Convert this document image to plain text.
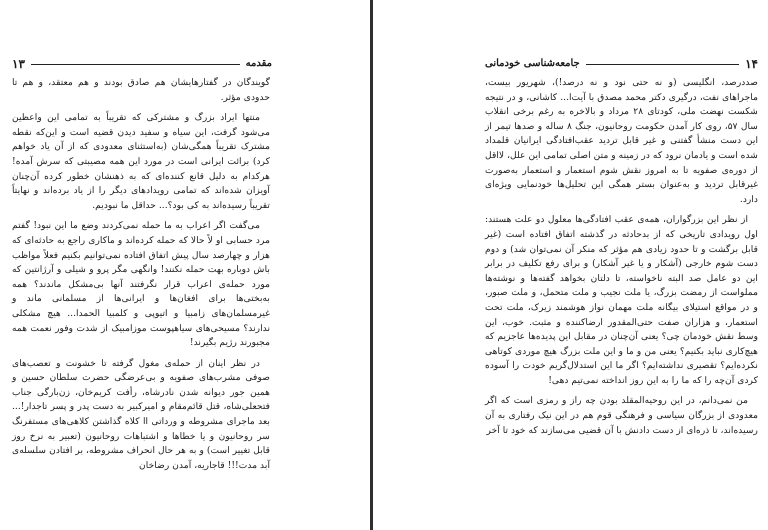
مقدمه
۱۳

گویندگان در گفتارهایشان هم صادق بودند و هم معتقد، و هم تا حدودی مؤثر.

منتها ایراد بزرگ و مشترکی که تقریباً به تمامی این واعظین می‌شود گرفت، این سیاه و سفید دیدن قضیه است و این‌که نقطه مشترک تقریباً همگی‌شان (به‌استثنای معدودی که از آن یاد خواهم کرد) برائت ایرانی است در مورد این همه مصیبتی که سرش آمده! هرکدام به دلیل قانع کننده‌ای که به ذهنشان خطور کرده آن‌چنان آویزان شده‌اند که تمامی رویدادهای دیگر را از یاد برده‌اند و نهایتاً تقریباً رسیده‌اند به کی بود؟... حداقل ما نبودیم.

می‌گفت اگر اعراب به ما حمله نمی‌کردند وضع ما این نبود! گفتم مرد حسابی او لاً حالا که حمله کرده‌اند و ماکاری راجع به حادثه‌ای که هزار و چهارصد سال پیش اتفاق افتاده نمی‌توانیم بکنیم فعلاً مواظب باش دوباره بهت حمله نکنند! وانگهی مگر پرو و شیلی و آرژانتین که مورد حمله‌ی اعراب قرار نگرفتند آنها بی‌مشکل ماندند؟ همه به‌بختی‌ها برای افغان‌ها و ایرانی‌ها از مسلمانی ماند و غیرمسلمان‌های زامبیا و اتیوپی و کلمبیا الحمدا... هیچ مشکلی ندارند؟ مسیحی‌های سیاهپوست موزامبیک از شدت وفور نعمت همه مجبورند رژیم بگیرند!

در نظر اینان از حمله‌ی مغول گرفته تا خشونت و تعصب‌های صوفی مشرب‌های صفویه و بی‌عرضگی حضرت سلطان حسین و همین جور دیوانه شدن نادرشاه، رأفت کریم‌خان، زن‌بارگی جناب فتحعلی‌شاه، قتل قائم‌مقام و امیرکبیر به دست پدر و پسر تاجدار!... بعد ماجرای مشروطه و ورداتی اا کلاه گذاشتن کلاهی‌های مستفرنگ سر روحانیون و یا خطاها و اشتباهات روحانیون (تعبیر به نرخ روز قابل تغییر است) و به هر حال انحراف مشروطه، بر افتادن سلسله‌ی آبد مدت!!! قاجاریه، آمدن رضاخان

۱۴
جامعه‌شناسی خودمانی

صددرصد، انگلیسی (و نه حتی نود و نه درصد!)، شهریور بیست، ماجراهای نفت، درگیری دکتر محمد مصدق با آیت‌ا... کاشانی، و در نتیجه شکست نهضت ملی، کودتای ۲۸ مرداد و بالاخره به رغم برخی انقلاب سال ۵۷، روی کار آمدن حکومت روحانیون، جنگ ۸ ساله و صدها تیمر از این دست منشأ گفتنی و غیر قابل تردید عقب‌افتادگی ایرانیان قلمداد شده است و یادمان نرود که در زمینه و متن اصلی تمامی این علل، لااقل از دوره‌ی صفویه تا به امروز نقش شوم استعمار و استعمار به‌صورت غیرقابل تردید و به‌عنوان بستر همگی این تحلیل‌ها خودنمایی ویژه‌ای دارد.

از نظر این بزرگواران، همه‌ی عقب افتادگی‌ها معلول دو علت هستند: اول رویدادی تاریخی که از بدحادثه در گذشته اتفاق افتاده است (غیر قابل برگشت و تا حدود زیادی هم مؤثر که منکر آن نمی‌توان شد) و دوم دست شوم خارجی (آشکار و یا غیر آشکار) و برای رفع تکلیف در برابر این دو عامل صد البته ناخواسته، تا دلتان بخواهد گفته‌ها و نوشته‌ها مملواست از رمضت بزرگ، یا ملت نجیب و ملت متحمل، و ملت صبور، و در مواقع استیلای بیگانه ملت مهمان نواز هوشمند زیرک، ملت تحت استعمار، و هزاران صفت حتی‌المقدور ارضاکننده و مثبت. خوب، این وسط نقش خودمان چی؟ یعنی آن‌چنان در مقابل این پدیده‌ها عاجزیم که هیچ‌کاری نباید بکنیم؟ یعنی من و ما و این ملت بزرگ هیچ موردی کوتاهی نکرده‌ایم؟ تقصیری نداشته‌ایم؟ اگر ما این استدلال‌گریم خودت را آسوده کردی آن‌چه را که ما را به این روز انداخته نمی‌تیم دهی!

من نمی‌دانم، در این روحیه‌المقلد بودن چه راز و رمزی است که اگر معدودی از بزرگان سیاسی و فرهنگی قوم هم در این نیک رفتاری به آن رسیده‌اند، تا ذره‌ای از دست دادنش با آن قضیی می‌سازند که خود تا آخر
